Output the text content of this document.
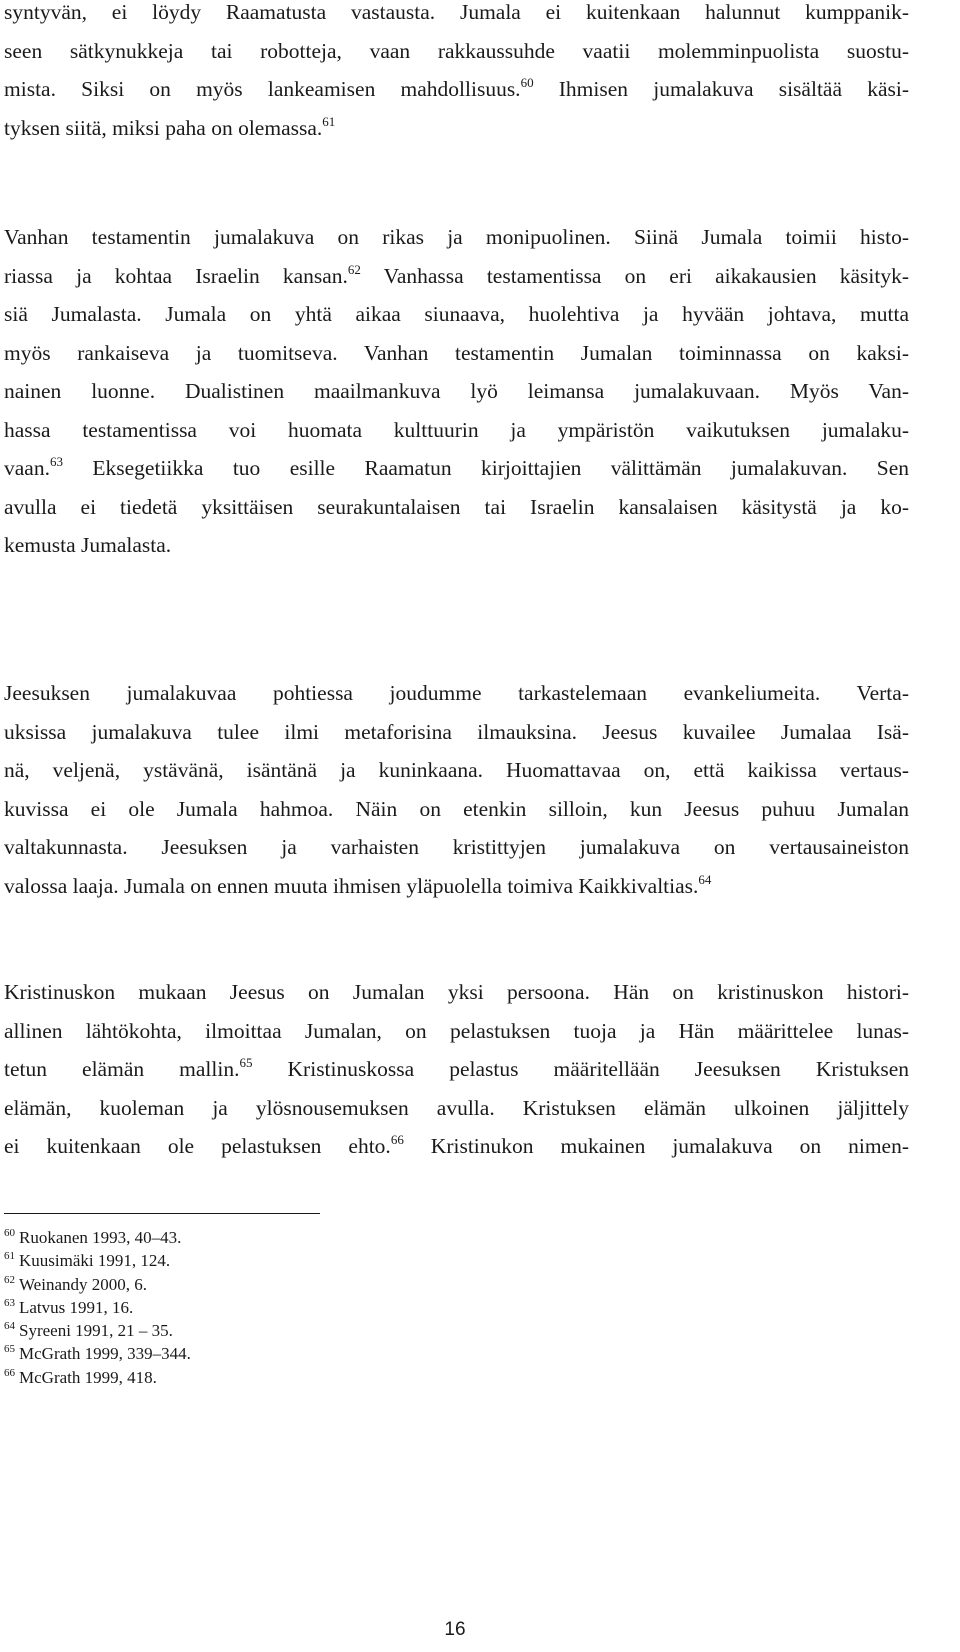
syntyvän, ei löydy Raamatusta vastausta. Jumala ei kuitenkaan halunnut kumppanik-
seen sätkynukkeja tai robotteja, vaan rakkaussuhde vaatii molemminpuolista suostu-
mista. Siksi on myös lankeamisen mahdollisuus.$^{60}$ Ihmisen jumalakuva sisältää käsi-
tyksen siitä, miksi paha on olemassa.$^{61}$

Vanhan testamentin jumalakuva on rikas ja monipuolinen. Siinä Jumala toimii histo-
riassa ja kohtaa Israelin kansan.$^{62}$ Vanhassa testamentissa on eri aikakausien käsityk-
siä Jumalasta. Jumala on yhtä aikaa siunaava, huolehtiva ja hyvään johtava, mutta
myös rankaiseva ja tuomitseva. Vanhan testamentin Jumalan toiminnassa on kaksi-
nainen luonne. Dualistinen maailmankuva lyö leimansa jumalakuvaan. Myös Van-
hassa testamentissa voi huomata kulttuurin ja ympäristön vaikutuksen jumalaku-
vaan.$^{63}$ Eksegetiikka tuo esille Raamatun kirjoittajien välittämän jumalakuvan. Sen
avulla ei tiedetä yksittäisen seurakuntalaisen tai Israelin kansalaisen käsitystä ja ko-
kemusta Jumalasta.

Jeesuksen jumalakuvaa pohtiessa joudumme tarkastelemaan evankeliumeita. Verta-
uksissa jumalakuva tulee ilmi metaforisina ilmauksina. Jeesus kuvailee Jumalaa Isä-
nä, veljenä, ystävänä, isäntänä ja kuninkaana. Huomattavaa on, että kaikissa vertaus-
kuvissa ei ole Jumala hahmoa. Näin on etenkin silloin, kun Jeesus puhuu Jumalan
valtakunnasta. Jeesuksen ja varhaisten kristittyjen jumalakuva on vertausaineiston
valossa laaja. Jumala on ennen muuta ihmisen yläpuolella toimiva Kaikkivaltias.$^{64}$

Kristinuskon mukaan Jeesus on Jumalan yksi persoona. Hän on kristinuskon histori-
allinen lähtökohta, ilmoittaa Jumalan, on pelastuksen tuoja ja Hän määrittelee lunas-
tetun elämän mallin.$^{65}$ Kristinuskossa pelastus määritellään Jeesuksen Kristuksen
elämän, kuoleman ja ylösnousemuksen avulla. Kristuksen elämän ulkoinen jäljittely
ei kuitenkaan ole pelastuksen ehto.$^{66}$ Kristinukon mukainen jumalakuva on nimen-

$^{60}$ Ruokanen 1993, 40–43.
$^{61}$ Kuusimäki 1991, 124.
$^{62}$ Weinandy 2000, 6.
$^{63}$ Latvus 1991, 16.
$^{64}$ Syreeni 1991, 21 – 35.
$^{65}$ McGrath 1999, 339–344.
$^{66}$ McGrath 1999, 418.
16
